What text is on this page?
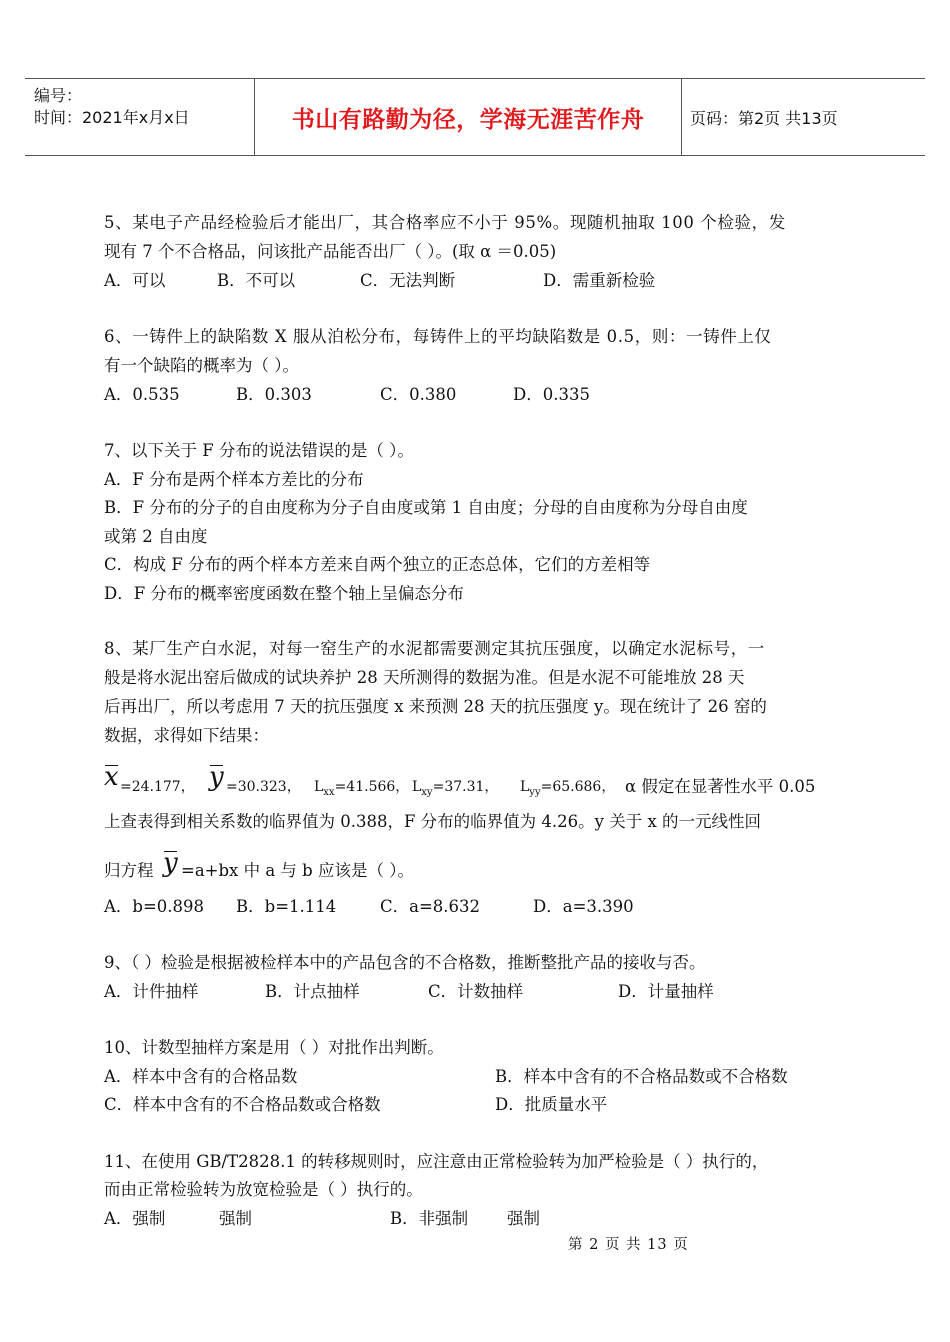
编号：
时间：2021年x月x日	书山有路勤为径，学海无涯苦作舟	页码：第2页 共13页
5、某电子产品经检验后才能出厂，其合格率应不小于 95%。现随机抽取 100 个检验，发
现有 7 个不合格品，问该批产品能否出厂（ ）。(取 α ＝0.05)
A．可以	B．不可以	C．无法判断	D．需重新检验
6、一铸件上的缺陷数 X 服从泊松分布，每铸件上的平均缺陷数是 0.5，则：一铸件上仅
有一个缺陷的概率为（ ）。
A．0.535	B．0.303	C．0.380	D．0.335
7、以下关于 F 分布的说法错误的是（ ）。
A．F 分布是两个样本方差比的分布
B．F 分布的分子的自由度称为分子自由度或第 1 自由度；分母的自由度称为分母自由度
或第 2 自由度
C．构成 F 分布的两个样本方差来自两个独立的正态总体，它们的方差相等
D．F 分布的概率密度函数在整个轴上呈偏态分布
8、某厂生产白水泥，对每一窑生产的水泥都需要测定其抗压强度，以确定水泥标号，一
般是将水泥出窑后做成的试块养护 28 天所测得的数据为准。但是水泥不可能堆放 28 天
后再出厂，所以考虑用 7 天的抗压强度 x 来预测 28 天的抗压强度 y。现在统计了 26 窑的
数据，求得如下结果：
x =24.177， y =30.323， $L_{xx}=41.566$， $L_{xy}=37.31$， $L_{yy}=65.686$， α 假定在显著性水平 0.05
上查表得到相关系数的临界值为 0.388，F 分布的临界值为 4.26。y 关于 x 的一元线性回
归方程 y =a+bx 中 a 与 b 应该是（ ）。
A．b=0.898 B．b=1.114	C．a=8.632	D．a=3.390
9、（ ）检验是根据被检样本中的产品包含的不合格数，推断整批产品的接收与否。
A．计件抽样	B．计点抽样	C．计数抽样	D．计量抽样
10、计数型抽样方案是用（ ）对批作出判断。
A．样本中含有的合格品数	B．样本中含有的不合格品数或不合格数
C．样本中含有的不合格品数或合格数	D．批质量水平
11、在使用 GB/T2828.1 的转移规则时，应注意由正常检验转为加严检验是（ ）执行的，
而由正常检验转为放宽检验是（ ）执行的。
A．强制	强制	B．非强制 强制
第 2 页 共 13 页
